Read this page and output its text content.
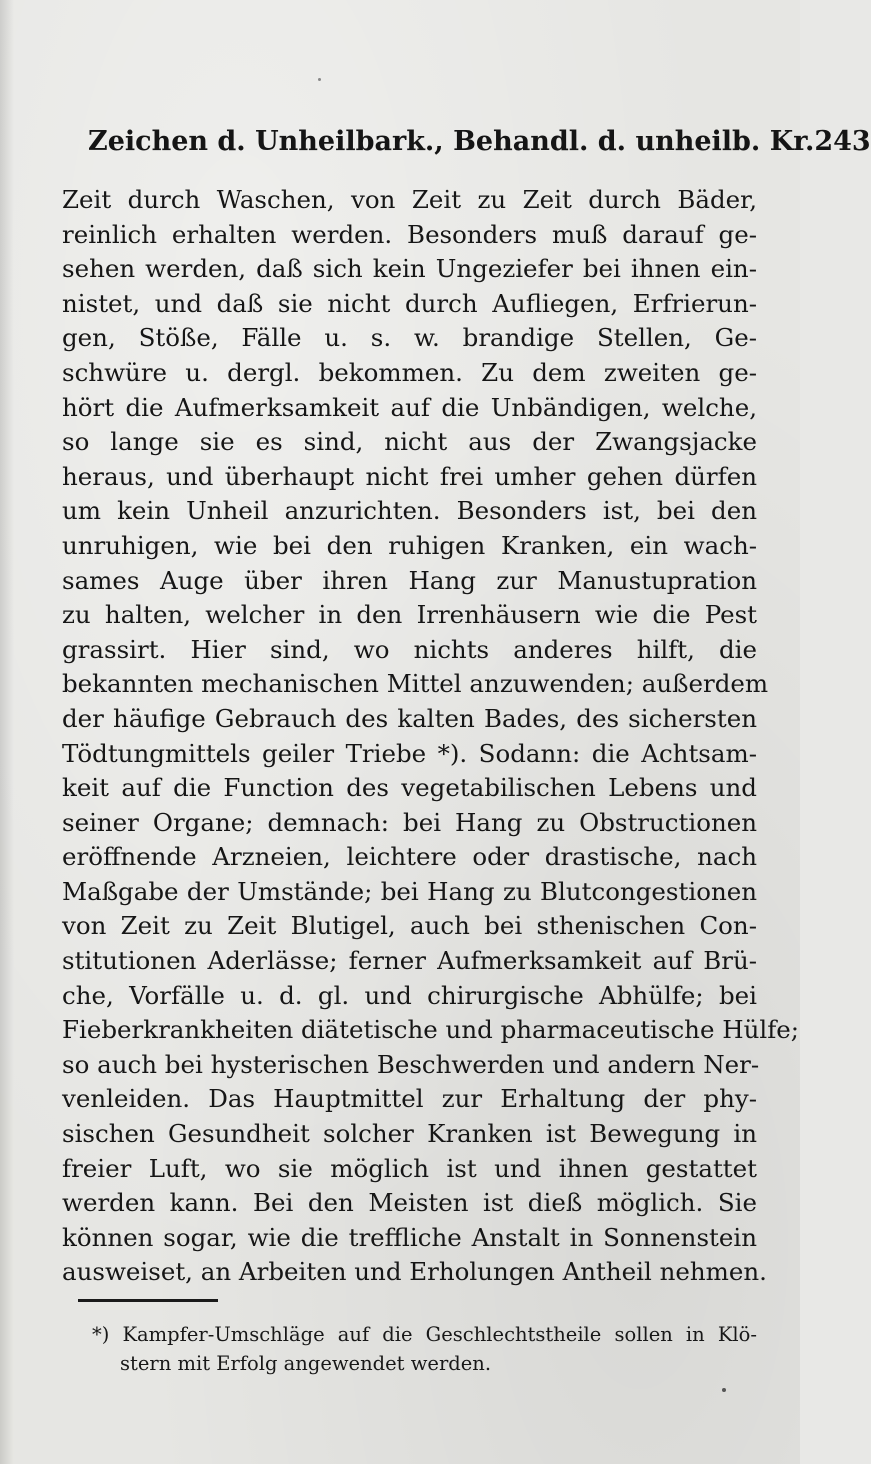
Zeichen d. Unheilbark., Behandl. d. unheilb. Kr. 243
Zeit durch Waschen, von Zeit zu Zeit durch Bäder,
reinlich erhalten werden. Besonders muß darauf ge-
sehen werden, daß sich kein Ungeziefer bei ihnen ein-
nistet, und daß sie nicht durch Aufliegen, Erfrierun-
gen, Stöße, Fälle u. s. w. brandige Stellen, Ge-
schwüre u. dergl. bekommen. Zu dem zweiten ge-
hört die Aufmerksamkeit auf die Unbändigen, welche,
so lange sie es sind, nicht aus der Zwangsjacke
heraus, und überhaupt nicht frei umher gehen dürfen
um kein Unheil anzurichten. Besonders ist, bei den
unruhigen, wie bei den ruhigen Kranken, ein wach-
sames Auge über ihren Hang zur Manustupration
zu halten, welcher in den Irrenhäusern wie die Pest
grassirt. Hier sind, wo nichts anderes hilft, die
bekannten mechanischen Mittel anzuwenden; außerdem
der häufige Gebrauch des kalten Bades, des sichersten
Tödtungmittels geiler Triebe *). Sodann: die Achtsam-
keit auf die Function des vegetabilischen Lebens und
seiner Organe; demnach: bei Hang zu Obstructionen
eröffnende Arzneien, leichtere oder drastische, nach
Maßgabe der Umstände; bei Hang zu Blutcongestionen
von Zeit zu Zeit Blutigel, auch bei sthenischen Con-
stitutionen Aderlässe; ferner Aufmerksamkeit auf Brü-
che, Vorfälle u. d. gl. und chirurgische Abhülfe; bei
Fieberkrankheiten diätetische und pharmaceutische Hülfe;
so auch bei hysterischen Beschwerden und andern Ner-
venleiden. Das Hauptmittel zur Erhaltung der phy-
sischen Gesundheit solcher Kranken ist Bewegung in
freier Luft, wo sie möglich ist und ihnen gestattet
werden kann. Bei den Meisten ist dieß möglich. Sie
können sogar, wie die treffliche Anstalt in Sonnenstein
ausweiset, an Arbeiten und Erholungen Antheil nehmen.
*) Kampfer-Umschläge auf die Geschlechtstheile sollen in Klö-
stern mit Erfolg angewendet werden.
